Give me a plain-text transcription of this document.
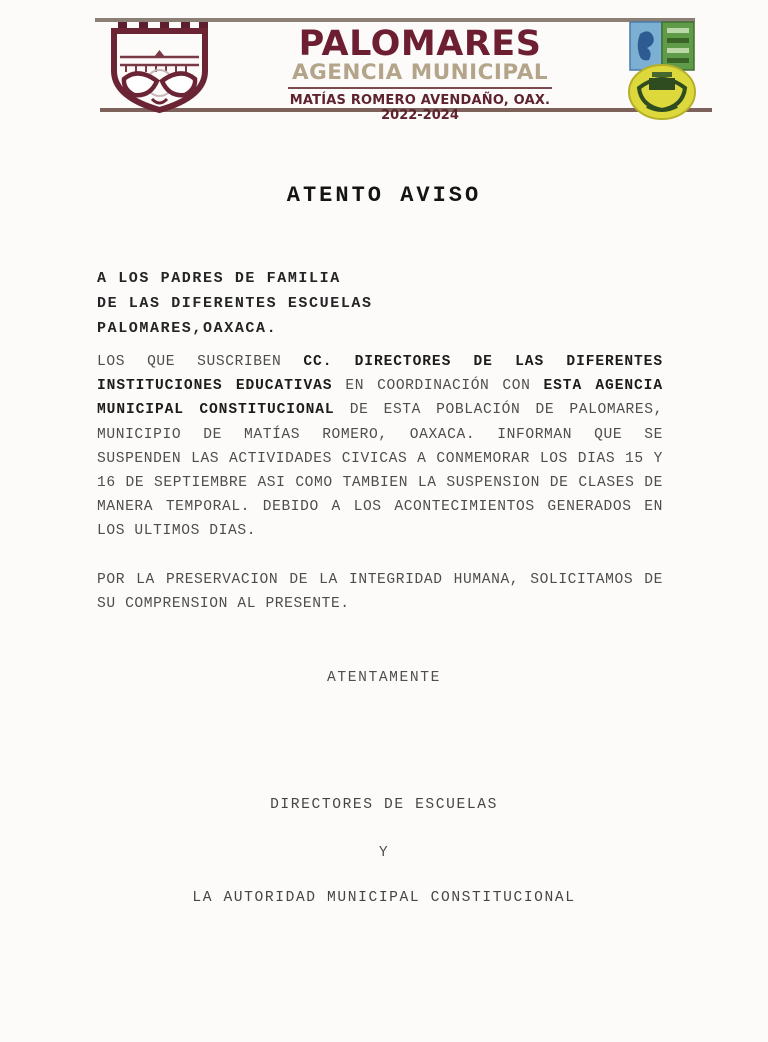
PALOMARES
AGENCIA MUNICIPAL
MATÍAS ROMERO AVENDAÑO, OAX.
2022-2024
ATENTO AVISO
A LOS PADRES DE FAMILIA
DE LAS DIFERENTES ESCUELAS
PALOMARES,OAXACA.
LOS QUE SUSCRIBEN CC. DIRECTORES DE LAS DIFERENTES INSTITUCIONES EDUCATIVAS EN COORDINACIÓN CON ESTA AGENCIA MUNICIPAL CONSTITUCIONAL DE ESTA POBLACIÓN DE PALOMARES, MUNICIPIO DE MATÍAS ROMERO, OAXACA. INFORMAN QUE SE SUSPENDEN LAS ACTIVIDADES CIVICAS A CONMEMORAR LOS DIAS 15 Y 16 DE SEPTIEMBRE ASI COMO TAMBIEN LA SUSPENSION DE CLASES DE MANERA TEMPORAL. DEBIDO A LOS ACONTECIMIENTOS GENERADOS EN LOS ULTIMOS DIAS.
POR LA PRESERVACION DE LA INTEGRIDAD HUMANA, SOLICITAMOS DE SU COMPRENSION AL PRESENTE.
ATENTAMENTE
DIRECTORES DE ESCUELAS
Y
LA AUTORIDAD MUNICIPAL CONSTITUCIONAL
